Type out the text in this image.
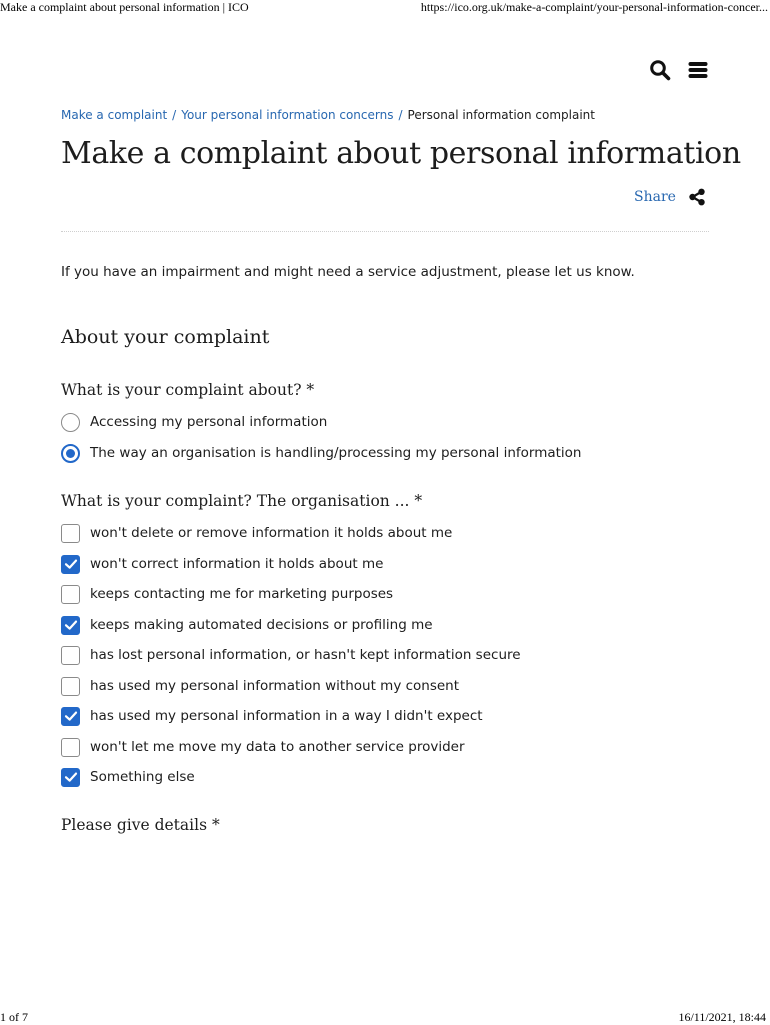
Make a complaint about personal information | ICO	https://ico.org.uk/make-a-complaint/your-personal-information-concer...
Make a complaint / Your personal information concerns / Personal information complaint
Make a complaint about personal information
Share

If you have an impairment and might need a service adjustment, please let us know.

About your complaint
What is your complaint about? *
Accessing my personal information
The way an organisation is handling/processing my personal information
What is your complaint? The organisation ... *
won't delete or remove information it holds about me
won't correct information it holds about me
keeps contacting me for marketing purposes
keeps making automated decisions or profiling me
has lost personal information, or hasn't kept information secure
has used my personal information without my consent
has used my personal information in a way I didn't expect
won't let me move my data to another service provider
Something else
Please give details *
1 of 7	16/11/2021, 18:44
